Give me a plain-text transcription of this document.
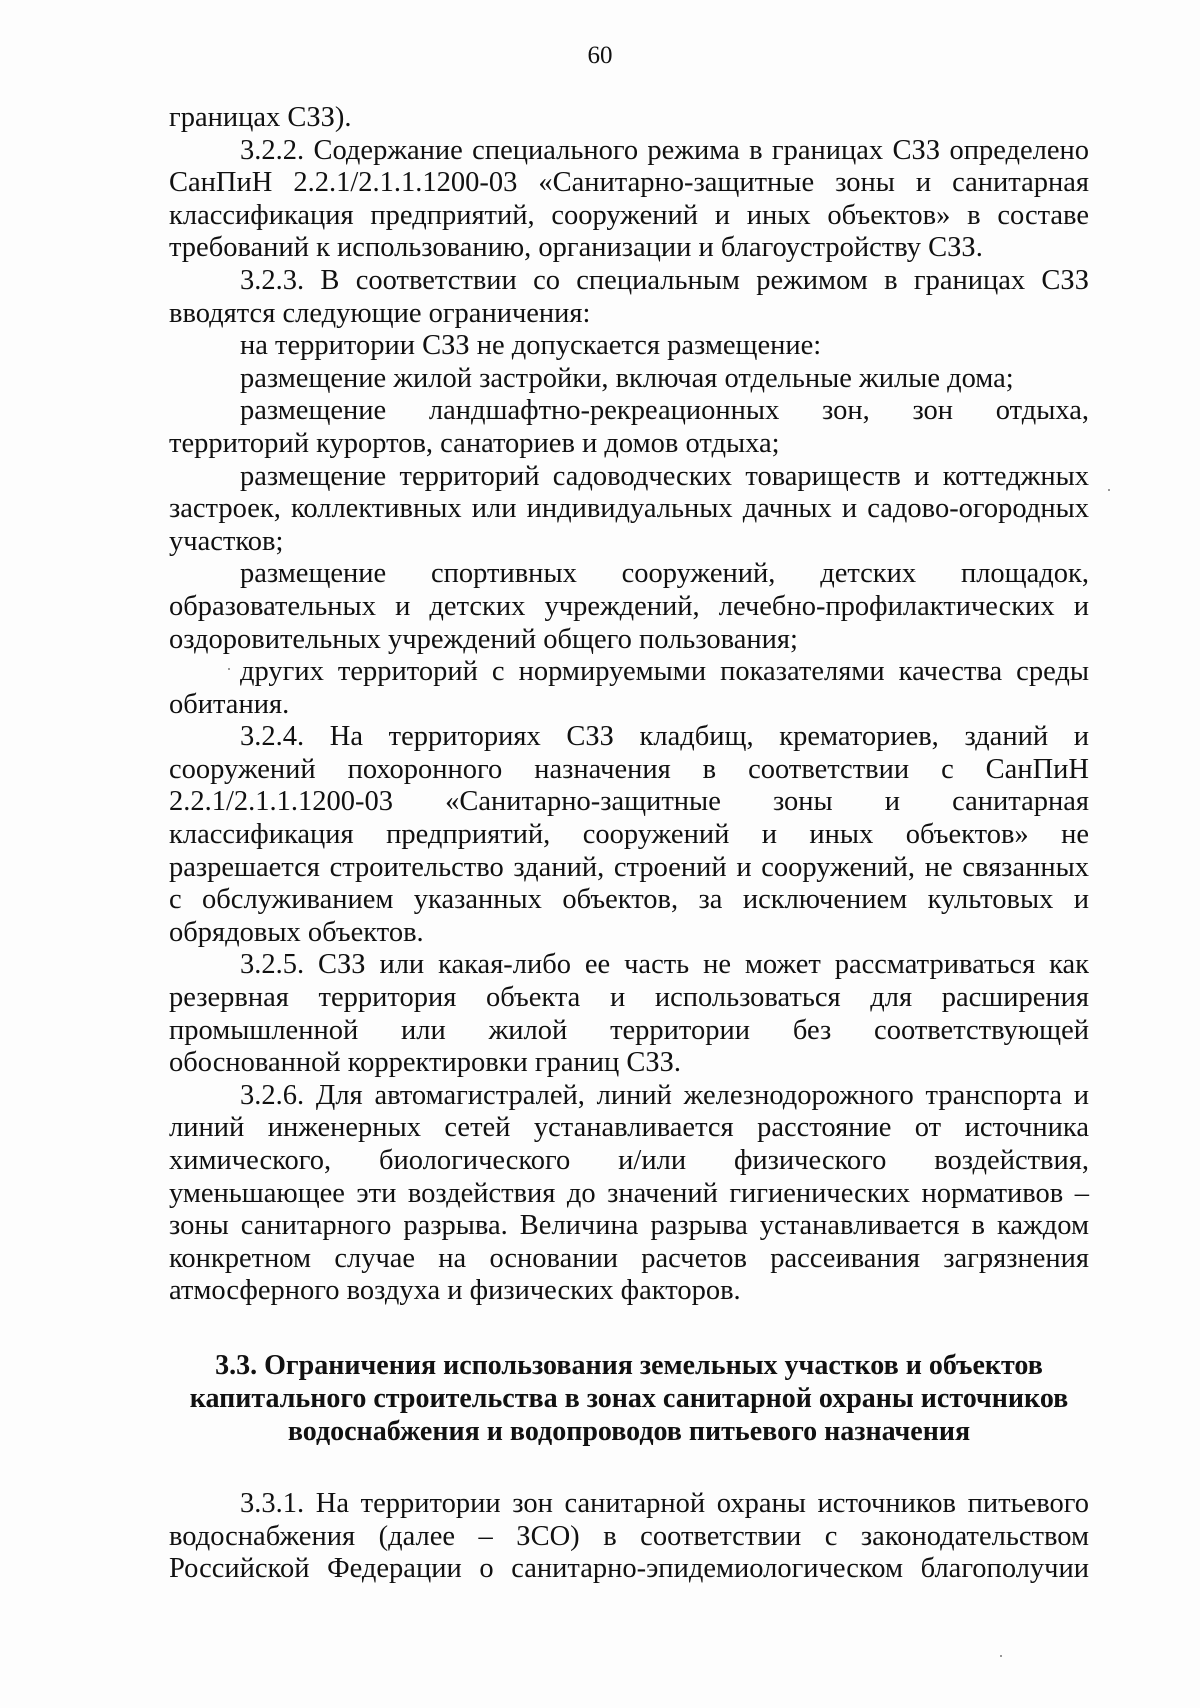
60

границах СЗЗ).

3.2.2. Содержание специального режима в границах СЗЗ определено СанПиН 2.2.1/2.1.1.1200-03 «Санитарно-защитные зоны и санитарная классификация предприятий, сооружений и иных объектов» в составе требований к использованию, организации и благоустройству СЗЗ.

3.2.3. В соответствии со специальным режимом в границах СЗЗ вводятся следующие ограничения:

на территории СЗЗ не допускается размещение:

размещение жилой застройки, включая отдельные жилые дома;

размещение ландшафтно-рекреационных зон, зон отдыха, территорий курортов, санаториев и домов отдыха;

размещение территорий садоводческих товариществ и коттеджных застроек, коллективных или индивидуальных дачных и садово-огородных участков;

размещение спортивных сооружений, детских площадок, образовательных и детских учреждений, лечебно-профилактических и оздоровительных учреждений общего пользования;

других территорий с нормируемыми показателями качества среды обитания.

3.2.4. На территориях СЗЗ кладбищ, крематориев, зданий и сооружений похоронного назначения в соответствии с СанПиН 2.2.1/2.1.1.1200-03 «Санитарно-защитные зоны и санитарная классификация предприятий, сооружений и иных объектов» не разрешается строительство зданий, строений и сооружений, не связанных с обслуживанием указанных объектов, за исключением культовых и обрядовых объектов.

3.2.5. СЗЗ или какая-либо ее часть не может рассматриваться как резервная территория объекта и использоваться для расширения промышленной или жилой территории без соответствующей обоснованной корректировки границ СЗЗ.

3.2.6. Для автомагистралей, линий железнодорожного транспорта и линий инженерных сетей устанавливается расстояние от источника химического, биологического и/или физического воздействия, уменьшающее эти воздействия до значений гигиенических нормативов – зоны санитарного разрыва. Величина разрыва устанавливается в каждом конкретном случае на основании расчетов рассеивания загрязнения атмосферного воздуха и физических факторов.

3.3. Ограничения использования земельных участков и объектов
капитального строительства в зонах санитарной охраны источников
водоснабжения и водопроводов питьевого назначения

3.3.1. На территории зон санитарной охраны источников питьевого водоснабжения (далее – ЗСО) в соответствии с законодательством Российской Федерации о санитарно-эпидемиологическом благополучии
